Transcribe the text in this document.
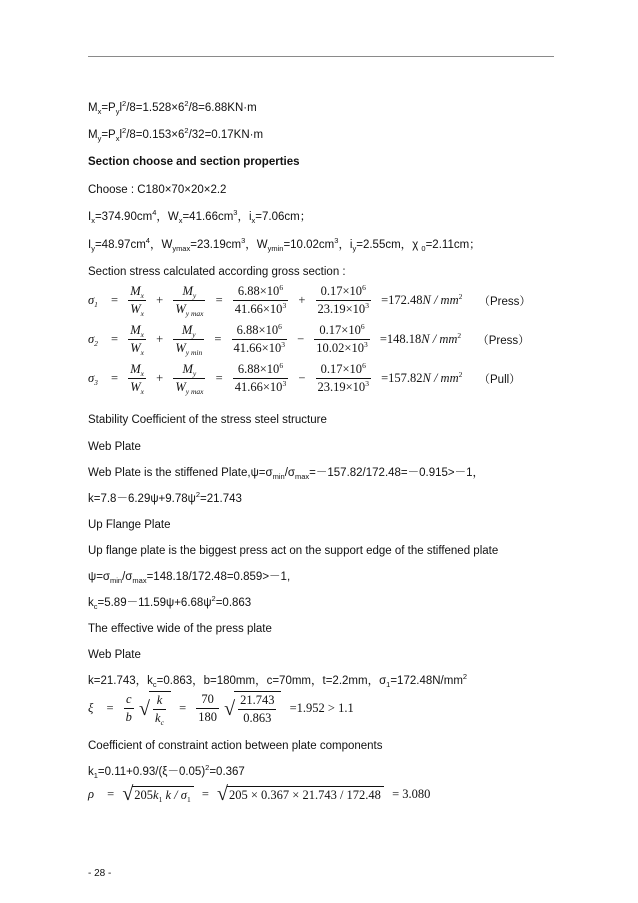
$M_x=P_yl^2/8=1.528\times 6^2/8=6.88KN\cdot m$
$M_y=P_xl^2/8=0.153\times 6^2/32=0.17KN\cdot m$
Section choose and section properties
Choose : C180×70×20×2.2
$I_x=374.90cm^4$，$W_x=41.66cm^3$，$i_x=7.06cm$；
$I_y=48.97cm^4$，$W_{ymax}=23.19cm^3$，$W_{ymin}=10.02cm^3$，$i_y=2.55cm$，χ $_0$=2.11cm；
Section stress calculated according gross section :
$\sigma_1 = \frac{M_x}{W_x} + \frac{M_y}{W_{y max}} = \frac{6.88\times 10^6}{41.66\times 10^3} + \frac{0.17\times 10^6}{23.19\times 10^3} =172.48N / mm^2$ （Press）
$\sigma_2 = \frac{M_x}{W_x} + \frac{M_y}{W_{y min}} = \frac{6.88\times 10^6}{41.66\times 10^3} - \frac{0.17\times 10^6}{10.02\times 10^3} =148.18N / mm^2$ （Press）
$\sigma_3 = \frac{M_x}{W_x} + \frac{M_y}{W_{y max}} = \frac{6.88\times 10^6}{41.66\times 10^3} - \frac{0.17\times 10^6}{23.19\times 10^3} =157.82N / mm^2$ （Pull）
Stability Coefficient of the stress steel structure
Web Plate
Web Plate is the stiffened $Plate,\psi=\sigma_{min}/\sigma_{max}=-157.82/172.48=-0.915>-1$，
$k=7.8-6.29\psi+9.78\psi^2=21.743$
Up Flange Plate
Up flange plate is the biggest press act on the support edge of the stiffened plate
$\psi=\sigma_{min}/\sigma_{max}=148.18/172.48=0.859>-1$,
$k_c=5.89-11.59\psi+6.68\psi^2=0.863$
The effective wide of the press plate
Web Plate
k=21.743，$k_c=0.863$，b=180mm，c=70mm，t=2.2mm，$\sigma_1=172.48N/mm^2$
$\xi = \frac{c}{b}$ √ $\frac{k}{k_c} = \frac{70}{180}$ √ $\frac{21.743}{0.863} =1.952 > 1.1$
Coefficient of constraint action between plate components
$k_1=0.11+0.93/(\xi-0.05)^2=0.367$
$\rho = √205k_1$ $k / \sigma_1 = √205 \times 0.367 \times 21.743 / 172.48 = 3.080$
- 28 -
